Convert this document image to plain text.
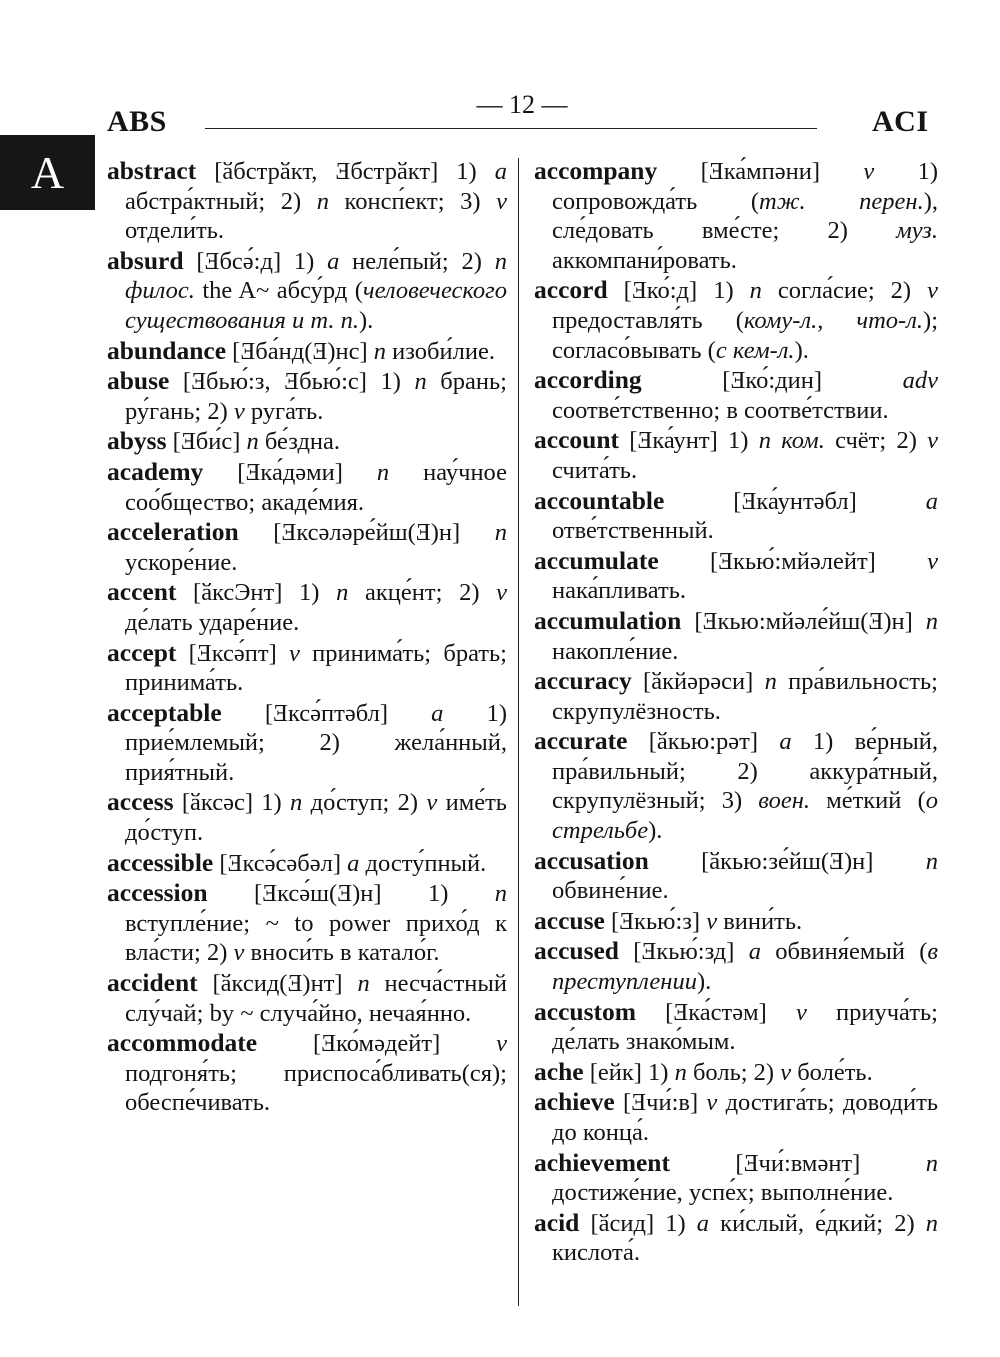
ABS
— 12 —
ACI
A abstract [ӑбстрӑкт, Ǝбстрӑкт] 1) a абстра́ктный; 2) n консп́ект; 3) v отдели́ть.

absurd [Ǝбсǝ́:д] 1) a неле́пый; 2) n филос. the A~ абсу́рд (человеческого существования и т. п.).

abundance [Ǝба́нд(Ǝ)нс] n изоби́лие.

abuse [Ǝбью́:з, Ǝбью́:с] 1) n брань; ру́гань; 2) v руга́ть.

abyss [Ǝби́с] n бе́здна.

academy [Ǝка́дǝми] n нау́чное соо́бщество; акаде́мия.

acceleration [Ǝксǝлǝре́йш(Ǝ)н] n ускоре́ние.

accent [ӑксЭнт] 1) n акце́нт; 2) v де́лать ударе́ние.

accept [Ǝксǝ́пт] v принима́ть; брать; принима́ть.

acceptable [Ǝксǝ́птǝбл] a 1) прие́млемый; 2) жела́нный, прия́тный.

access [ӑксǝс] 1) n до́ступ; 2) v име́ть до́ступ.

accessible [Ǝксǝ́сǝбǝл] a досту́пный.

accession [Ǝксǝ́ш(Ǝ)н] 1) n вступле́ние; ~ to power прихо́д к вла́сти; 2) v вноси́ть в катало́г.

accident [ӑксид(Ǝ)нт] n несча́стный слу́чай; by ~ случа́йно, нечая́нно.

accommodate [Ǝко́мǝдейт] v подгоня́ть; приспоса́бливать(ся); обеспе́чивать.

accompany [Ǝка́мпǝни] v 1) сопровожда́ть (тж. перен.), сле́довать вме́сте; 2) муз. аккомпани́ровать.

accord [Ǝко́:д] 1) n согла́сие; 2) v предоставля́ть (кому-л., что-л.); согласо́вывать (с кем-л.).

according [Ǝко́:дин] adv соотве́тственно; в соотве́тствии.

account [Ǝка́унт] 1) n ком. счёт; 2) v счита́ть.

accountable [Ǝка́унтǝбл] a отве́тственный.

accumulate [Ǝкью́:мйǝлейт] v нака́пливать.

accumulation [Ǝкью:мйǝле́йш(Ǝ)н] n накопле́ние.

accuracy [ӑкйǝрǝси] n пра́вильность; скрупулёзность.

accurate [ӑкью:рǝт] a 1) ве́рный, пра́вильный; 2) аккура́тный, скрупулёзный; 3) воен. ме́ткий (о стрельбе).

accusation [ӑкью:зе́йш(Ǝ)н] n обвине́ние.

accuse [Ǝкью́:з] v вини́ть.

accused [Ǝкью́:зд] a обвиня́емый (в преступлении).

accustom [Ǝка́стǝм] v приуча́ть; де́лать знако́мым.

ache [ейк] 1) n боль; 2) v боле́ть.

achieve [Ǝчи́:в] v достига́ть; доводи́ть до конца́.

achievement [Ǝчи́:вмǝнт] n достиже́ние, успе́х; выполне́ние.

acid [ӑсид] 1) a ки́слый, е́дкий; 2) n кислота́.
